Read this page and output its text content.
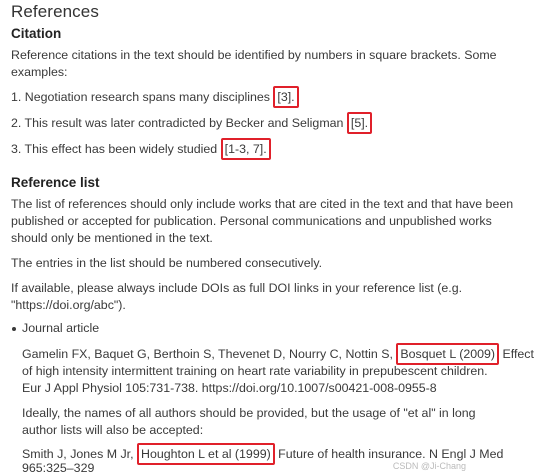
References
Citation
Reference citations in the text should be identified by numbers in square brackets. Some
examples:
1. Negotiation research spans many disciplines [3].
2. This result was later contradicted by Becker and Seligman [5].
3. This effect has been widely studied [1-3, 7].
Reference list
The list of references should only include works that are cited in the text and that have been
published or accepted for publication. Personal communications and unpublished works
should only be mentioned in the text.
The entries in the list should be numbered consecutively.
If available, please always include DOIs as full DOI links in your reference list (e.g.
"https://doi.org/abc").
Journal article
Gamelin FX, Baquet G, Berthoin S, Thevenet D, Nourry C, Nottin S, Bosquet L (2009) Effect
of high intensity intermittent training on heart rate variability in prepubescent children.
Eur J Appl Physiol 105:731-738. https://doi.org/10.1007/s00421-008-0955-8
Ideally, the names of all authors should be provided, but the usage of "et al" in long
author lists will also be accepted:
Smith J, Jones M Jr, Houghton L et al (1999) Future of health insurance. N Engl J Med
965:325–329	CSDN @Ji-Chang
